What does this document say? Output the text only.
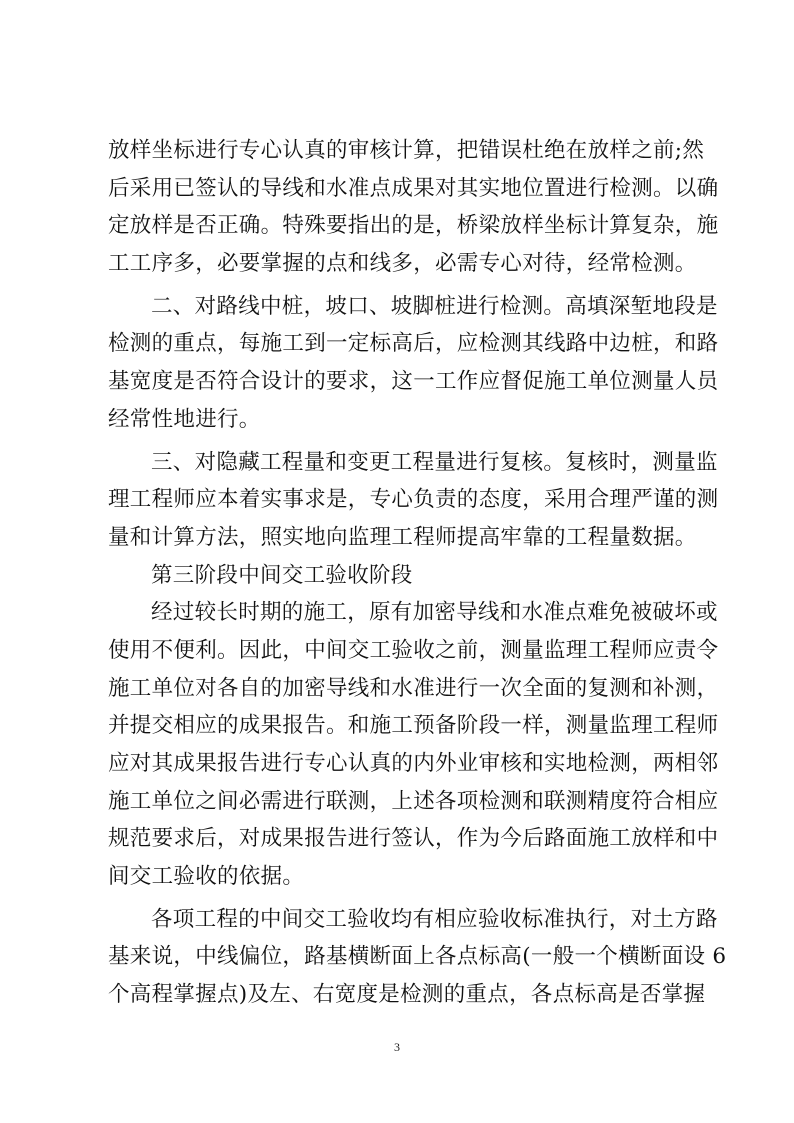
放样坐标进行专心认真的审核计算，把错误杜绝在放样之前;然
后采用已签认的导线和水准点成果对其实地位置进行检测。以确
定放样是否正确。特殊要指出的是，桥梁放样坐标计算复杂，施
工工序多，必要掌握的点和线多，必需专心对待，经常检测。
二、对路线中桩，坡口、坡脚桩进行检测。高填深堑地段是
检测的重点，每施工到一定标高后，应检测其线路中边桩，和路
基宽度是否符合设计的要求，这一工作应督促施工单位测量人员
经常性地进行。
三、对隐藏工程量和变更工程量进行复核。复核时，测量监
理工程师应本着实事求是，专心负责的态度，采用合理严谨的测
量和计算方法，照实地向监理工程师提高牢靠的工程量数据。
第三阶段中间交工验收阶段
经过较长时期的施工，原有加密导线和水准点难免被破坏或
使用不便利。因此，中间交工验收之前，测量监理工程师应责令
施工单位对各自的加密导线和水准进行一次全面的复测和补测，
并提交相应的成果报告。和施工预备阶段一样，测量监理工程师
应对其成果报告进行专心认真的内外业审核和实地检测，两相邻
施工单位之间必需进行联测，上述各项检测和联测精度符合相应
规范要求后，对成果报告进行签认，作为今后路面施工放样和中
间交工验收的依据。
各项工程的中间交工验收均有相应验收标准执行，对土方路
基来说，中线偏位，路基横断面上各点标高(一般一个横断面设 6
个高程掌握点)及左、右宽度是检测的重点，各点标高是否掌握
3
